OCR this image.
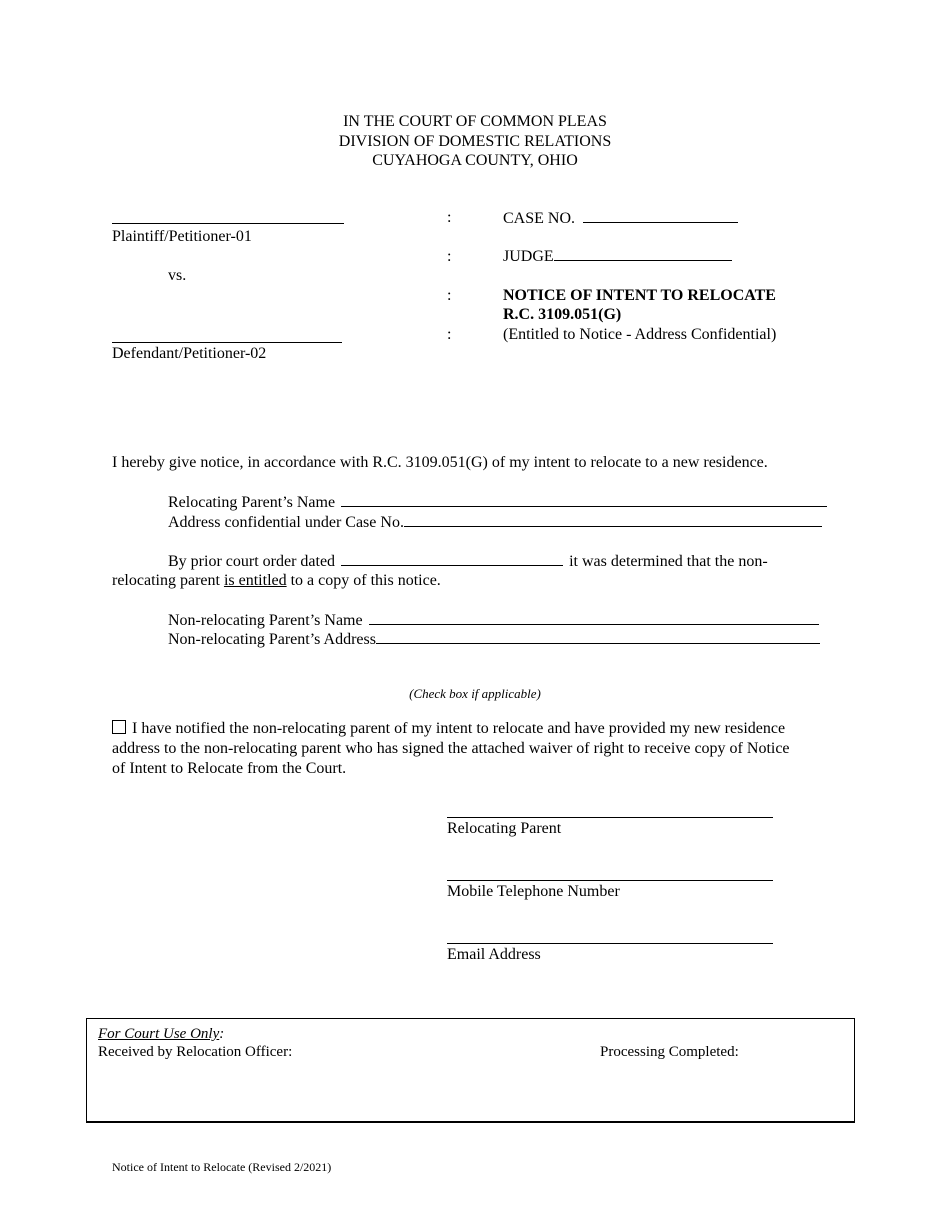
IN THE COURT OF COMMON PLEAS
DIVISION OF DOMESTIC RELATIONS
CUYAHOGA COUNTY, OHIO
Plaintiff/Petitioner-01
vs.
Defendant/Petitioner-02
:
:
:
:
CASE NO.
JUDGE
NOTICE OF INTENT TO RELOCATE
R.C. 3109.051(G)
(Entitled to Notice - Address Confidential)
I hereby give notice, in accordance with R.C. 3109.051(G) of my intent to relocate to a new residence.
Relocating Parent’s Name
Address confidential under Case No.
By prior court order dated	it was determined that the non-
relocating parent is entitled to a copy of this notice.
Non-relocating Parent’s Name
Non-relocating Parent’s Address
(Check box if applicable)
I have notified the non-relocating parent of my intent to relocate and have provided my new residence
address to the non-relocating parent who has signed the attached waiver of right to receive copy of Notice
of Intent to Relocate from the Court.
Relocating Parent
Mobile Telephone Number
Email Address
For Court Use Only:
Received by Relocation Officer:	Processing Completed:
Notice of Intent to Relocate (Revised 2/2021)
